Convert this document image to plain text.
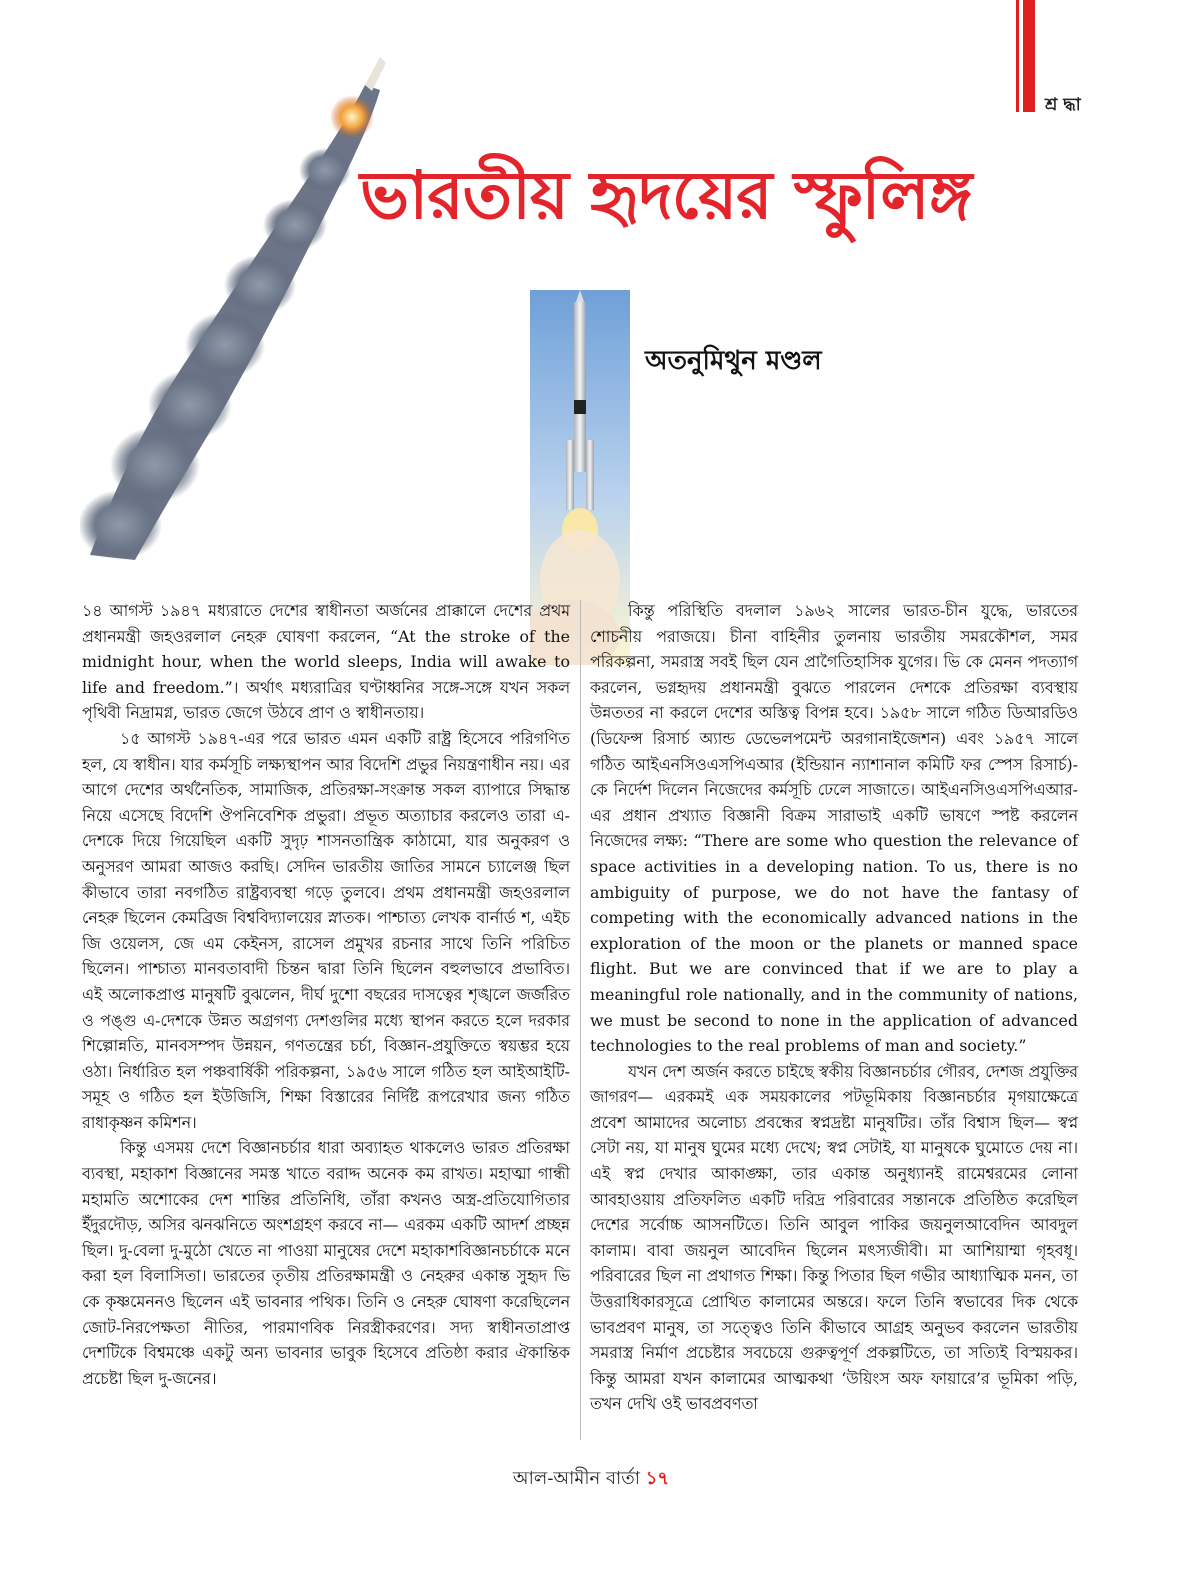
শ্র দ্ধা
ভারতীয় হৃদয়ের স্ফুলিঙ্গ
অতনুমিথুন মণ্ডল

১৪ আগস্ট ১৯৪৭ মধ্যরাতে দেশের স্বাধীনতা অর্জনের প্রাক্কালে দেশের প্রথম প্রধানমন্ত্রী জহওরলাল নেহরু ঘোষণা করলেন, “At the stroke of the midnight hour, when the world sleeps, India will awake to life and freedom.”। অর্থাৎ মধ্যরাত্রির ঘণ্টাধ্বনির সঙ্গে-সঙ্গে যখন সকল পৃথিবী নিদ্রামগ্ন, ভারত জেগে উঠবে প্রাণ ও স্বাধীনতায়।

১৫ আগস্ট ১৯৪৭-এর পরে ভারত এমন একটি রাষ্ট্র হিসেবে পরিগণিত হল, যে স্বাধীন। যার কর্মসূচি লক্ষ্যস্থাপন আর বিদেশি প্রভুর নিয়ন্ত্রণাধীন নয়। এর আগে দেশের অর্থনৈতিক, সামাজিক, প্রতিরক্ষা-সংক্রান্ত সকল ব্যাপারে সিদ্ধান্ত নিয়ে এসেছে বিদেশি ঔপনিবেশিক প্রভুরা। প্রভূত অত্যাচার করলেও তারা এ-দেশকে দিয়ে গিয়েছিল একটি সুদৃঢ় শাসনতান্ত্রিক কাঠামো, যার অনুকরণ ও অনুসরণ আমরা আজও করছি। সেদিন ভারতীয় জাতির সামনে চ্যালেঞ্জ ছিল কীভাবে তারা নবগঠিত রাষ্ট্রব্যবস্থা গড়ে তুলবে। প্রথম প্রধানমন্ত্রী জহওরলাল নেহরু ছিলেন কেমব্রিজ বিশ্ববিদ্যালয়ের স্নাতক। পাশ্চাত্য লেখক বার্নার্ড শ, এইচ জি ওয়েলস, জে এম কেইনস, রাসেল প্রমুখর রচনার সাথে তিনি পরিচিত ছিলেন। পাশ্চাত্য মানবতাবাদী চিন্তন দ্বারা তিনি ছিলেন বহুলভাবে প্রভাবিত। এই অলোকপ্রাপ্ত মানুষটি বুঝলেন, দীর্ঘ দুশো বছরের দাসত্বের শৃঙ্খলে জর্জরিত ও পঙ্গু এ-দেশকে উন্নত অগ্রগণ্য দেশগুলির মধ্যে স্থাপন করতে হলে দরকার শিল্পোন্নতি, মানবসম্পদ উন্নয়ন, গণতন্ত্রের চর্চা, বিজ্ঞান-প্রযুক্তিতে স্বয়ম্ভর হয়ে ওঠা। নির্ধারিত হল পঞ্চবার্ষিকী পরিকল্পনা, ১৯৫৬ সালে গঠিত হল আইআইটি-সমূহ ও গঠিত হল ইউজিসি, শিক্ষা বিস্তারের নির্দিষ্ট রূপরেখার জন্য গঠিত রাধাকৃষ্ণন কমিশন।

কিন্তু এসময় দেশে বিজ্ঞানচর্চার ধারা অব্যাহত থাকলেও ভারত প্রতিরক্ষা ব্যবস্থা, মহাকাশ বিজ্ঞানের সমস্ত খাতে বরাদ্দ অনেক কম রাখত। মহাত্মা গান্ধী মহামতি অশোকের দেশ শান্তির প্রতিনিধি, তাঁরা কখনও অস্ত্র-প্রতিযোগিতার ইঁদুরদৌড়, অসির ঝনঝনিতে অংশগ্রহণ করবে না— এরকম একটি আদর্শ প্রচ্ছন্ন ছিল। দু-বেলা দু-মুঠো খেতে না পাওয়া মানুষের দেশে মহাকাশবিজ্ঞানচর্চাকে মনে করা হল বিলাসিতা। ভারতের তৃতীয় প্রতিরক্ষামন্ত্রী ও নেহরুর একান্ত সুহৃদ ভি কে কৃষ্ণমেননও ছিলেন এই ভাবনার পথিক। তিনি ও নেহরু ঘোষণা করেছিলেন জোট-নিরপেক্ষতা নীতির, পারমাণবিক নিরস্ত্রীকরণের। সদ্য স্বাধীনতাপ্রাপ্ত দেশটিকে বিশ্বমঞ্চে একটু অন্য ভাবনার ভাবুক হিসেবে প্রতিষ্ঠা করার ঐকান্তিক প্রচেষ্টা ছিল দু-জনের।

কিন্তু পরিস্থিতি বদলাল ১৯৬২ সালের ভারত-চীন যুদ্ধে, ভারতের শোচনীয় পরাজয়ে। চীনা বাহিনীর তুলনায় ভারতীয় সমরকৌশল, সমর পরিকল্পনা, সমরাস্ত্র সবই ছিল যেন প্রাগৈতিহাসিক যুগের। ভি কে মেনন পদত্যাগ করলেন, ভগ্নহৃদয় প্রধানমন্ত্রী বুঝতে পারলেন দেশকে প্রতিরক্ষা ব্যবস্থায় উন্নততর না করলে দেশের অস্তিত্ব বিপন্ন হবে। ১৯৫৮ সালে গঠিত ডিআরডিও (ডিফেন্স রিসার্চ অ্যান্ড ডেভেলপমেন্ট অরগানাইজেশন) এবং ১৯৫৭ সালে গঠিত আইএনসিওএসপিএআর (ইন্ডিয়ান ন্যাশানাল কমিটি ফর স্পেস রিসার্চ)-কে নির্দেশ দিলেন নিজেদের কর্মসূচি ঢেলে সাজাতে। আইএনসিওএসপিএআর-এর প্রধান প্রখ্যাত বিজ্ঞানী বিক্রম সারাভাই একটি ভাষণে স্পষ্ট করলেন নিজেদের লক্ষ্য: “There are some who question the relevance of space activities in a developing nation. To us, there is no ambiguity of purpose, we do not have the fantasy of competing with the economically advanced nations in the exploration of the moon or the planets or manned space flight. But we are convinced that if we are to play a meaningful role nationally, and in the community of nations, we must be second to none in the application of advanced technologies to the real problems of man and society.”

যখন দেশ অর্জন করতে চাইছে স্বকীয় বিজ্ঞানচর্চার গৌরব, দেশজ প্রযুক্তির জাগরণ— এরকমই এক সময়কালের পটভূমিকায় বিজ্ঞানচর্চার মৃগয়াক্ষেত্রে প্রবেশ আমাদের অলোচ্য প্রবন্ধের স্বপ্নদ্রষ্টা মানুষটির। তাঁর বিশ্বাস ছিল— স্বপ্ন সেটা নয়, যা মানুষ ঘুমের মধ্যে দেখে; স্বপ্ন সেটাই, যা মানুষকে ঘুমোতে দেয় না। এই স্বপ্ন দেখার আকাঙ্ক্ষা, তার একান্ত অনুধ্যানই রামেশ্বরমের লোনা আবহাওয়ায় প্রতিফলিত একটি দরিদ্র পরিবারের সন্তানকে প্রতিষ্ঠিত করেছিল দেশের সর্বোচ্চ আসনটিতে। তিনি আবুল পাকির জয়নুলআবেদিন আবদুল কালাম। বাবা জয়নুল আবেদিন ছিলেন মৎস্যজীবী। মা আশিয়াম্মা গৃহবধূ। পরিবারের ছিল না প্রথাগত শিক্ষা। কিন্তু পিতার ছিল গভীর আধ্যাত্মিক মনন, তা উত্তরাধিকারসূত্রে প্রোথিত কালামের অন্তরে। ফলে তিনি স্বভাবের দিক থেকে ভাবপ্রবণ মানুষ, তা সত্ত্বেও তিনি কীভাবে আগ্রহ অনুভব করলেন ভারতীয় সমরাস্ত্র নির্মাণ প্রচেষ্টার সবচেয়ে গুরুত্বপূর্ণ প্রকল্পটিতে, তা সত্যিই বিস্ময়কর। কিন্তু আমরা যখন কালামের আত্মকথা ‘উয়িংস অফ ফায়ারে’র ভূমিকা পড়ি, তখন দেখি ওই ভাবপ্রবণতা

আল-আমীন বার্তা ১৭
